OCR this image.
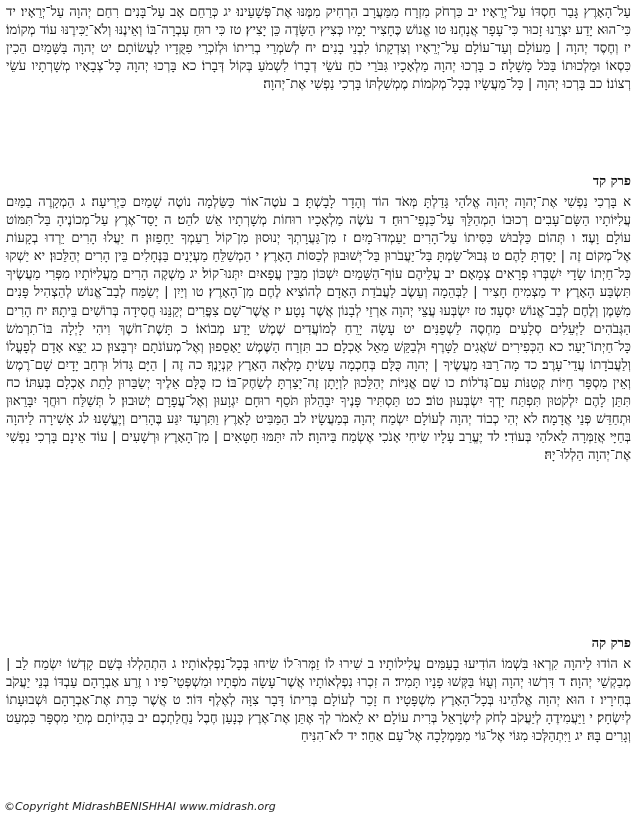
עַל־הָאָרֶץ גָּבַר חַסְדּוֹ עַל־יְרֵאָיו׃ יב כִּרְחֹק מִזְרָח מִמַּעֲרָב הִרְחִיק מִמֶּנּוּ אֶת־פְּשָׁעֵינוּ׃ יג כְּרַחֵם אָב עַל־בָּנִים רִחַם יְהוָה עַל־יְרֵאָיו׃ יד כִּי־הוּא יָדַע יִצְרֵנוּ זָכוּר כִּי־עָפָר אֲנָחְנוּ׃ טו אֱנוֹשׁ כֶּחָצִיר יָמָיו כְּצִיץ הַשָּׂדֶה כֵּן יָצִיץ׃ טז כִּי רוּחַ עָבְרָה־בּוֹ וְאֵינֶנּוּ וְלֹא־יַכִּירֶנּוּ עוֹד מְקוֹמוֹ׃ יז וְחֶסֶד יְהוָה | מֵעוֹלָם וְעַד־עוֹלָם עַל־יְרֵאָיו וְצִדְקָתוֹ לִבְנֵי בָנִים׃ יח לְשֹׁמְרֵי בְרִיתוֹ וּלְזֹכְרֵי פִקֻּדָיו לַעֲשׂוֹתָם׃ יט יְהוָה בַּשָּׁמַיִם הֵכִין כִּסְאוֹ וּמַלְכוּתוֹ בַּכֹּל מָשָׁלָה׃ כ בָּרְכוּ יְהוָה מַלְאָכָיו גִּבֹּרֵי כֹחַ עֹשֵׂי דְבָרוֹ לִשְׁמֹעַ בְּקוֹל דְּבָרוֹ׃ כא בָּרְכוּ יְהוָה כָּל־צְבָאָיו מְשָׁרְתָיו עֹשֵׂי רְצוֹנוֹ׃ כב בָּרְכוּ יְהוָה | כָּל־מַעֲשָׂיו בְּכָל־מְקֹמוֹת מֶמְשַׁלְתּוֹ בָּרְכִי נַפְשִׁי אֶת־יְהוָה׃

פרק קד

א בָּרְכִי נַפְשִׁי אֶת־יְהוָה יְהוָה אֱלֹהַי גָּדַלְתָּ מְּאֹד הוֹד וְהָדָר לָבָשְׁתָּ׃ ב עֹטֶה־אוֹר כַּשַּׂלְמָה נוֹטֶה שָׁמַיִם כַּיְרִיעָה׃ ג הַמְקָרֶה בַמַּיִם עֲלִיּוֹתָיו הַשָּׂם־עָבִים רְכוּבוֹ הַמְהַלֵּךְ עַל־כַּנְפֵי־רוּחַ׃ ד עֹשֶׂה מַלְאָכָיו רוּחוֹת מְשָׁרְתָיו אֵשׁ לֹהֵט׃ ה יָסַד־אֶרֶץ עַל־מְכוֹנֶיהָ בַּל־תִּמּוֹט עוֹלָם וָעֶד׃ ו תְּהוֹם כַּלְּבוּשׁ כִּסִּיתוֹ עַל־הָרִים יַעַמְדוּ־מָיִם׃ ז מִן־גַּעֲרָתְךָ יְנוּסוּן מִן־קוֹל רַעַמְךָ יֵחָפֵזוּן׃ ח יַעֲלוּ הָרִים יֵרְדוּ בְקָעוֹת אֶל־מְקוֹם זֶה | יָסַדְתָּ לָהֶם׃ ט גְּבוּל־שַׂמְתָּ בַּל־יַעֲבֹרוּן בַּל־יְשׁוּבוּן לְכַסּוֹת הָאָרֶץ׃ י הַמְשַׁלֵּחַ מַעְיָנִים בַּנְּחָלִים בֵּין הָרִים יְהַלֵּכוּן׃ יא יַשְׁקוּ כָּל־חַיְתוֹ שָׂדָי יִשְׁבְּרוּ פְרָאִים צְמָאָם׃ יב עֲלֵיהֶם עוֹף־הַשָּׁמַיִם יִשְׁכּוֹן מִבֵּין עֳפָאיִם יִתְּנוּ־קוֹל׃ יג מַשְׁקֶה הָרִים מֵעֲלִיּוֹתָיו מִפְּרִי מַעֲשֶׂיךָ תִּשְׂבַּע הָאָרֶץ׃ יד מַצְמִיחַ חָצִיר | לַבְּהֵמָה וְעֵשֶׂב לַעֲבֹדַת הָאָדָם לְהוֹצִיא לֶחֶם מִן־הָאָרֶץ׃ טו וְיַיִן | יְשַׂמַּח לְבַב־אֱנוֹשׁ לְהַצְהִיל פָּנִים מִשָּׁמֶן וְלֶחֶם לְבַב־אֱנוֹשׁ יִסְעָד׃ טז יִשְׂבְּעוּ עֲצֵי יְהוָה אַרְזֵי לְבָנוֹן אֲשֶׁר נָטָע׃ יז אֲשֶׁר־שָׁם צִפֳּרִים יְקַנֵּנוּ חֲסִידָה בְּרוֹשִׁים בֵּיתָהּ׃ יח הָרִים הַגְּבֹהִים לַיְּעֵלִים סְלָעִים מַחְסֶה לַשְׁפַנִּים׃ יט עָשָׂה יָרֵחַ לְמוֹעֲדִים שֶׁמֶשׁ יָדַע מְבוֹאוֹ׃ כ תָּשֶׁת־חֹשֶׁךְ וִיהִי לָיְלָה בּוֹ־תִרְמֹשׂ כָּל־חַיְתוֹ־יָעַר׃ כא הַכְּפִירִים שֹׁאֲגִים לַטָּרֶף וּלְבַקֵּשׁ מֵאֵל אָכְלָם׃ כב תִּזְרַח הַשֶּׁמֶשׁ יֵאָסֵפוּן וְאֶל־מְעוֹנֹתָם יִרְבָּצוּן׃ כג יֵצֵא אָדָם לְפָעֳלוֹ וְלַעֲבֹדָתוֹ עֲדֵי־עָרֶב׃ כד מָה־רַבּוּ מַעֲשֶׂיךָ | יְהוָה כֻּלָּם בְּחָכְמָה עָשִׂיתָ מָלְאָה הָאָרֶץ קִנְיָנֶךָ׃ כה זֶה | הַיָּם גָּדוֹל וּרְחַב יָדָיִם שָׁם־רֶמֶשׂ וְאֵין מִסְפָּר חַיּוֹת קְטַנּוֹת עִם־גְּדֹלוֹת׃ כו שָׁם אֳנִיּוֹת יְהַלֵּכוּן לִוְיָתָן זֶה־יָצַרְתָּ לְשַׂחֶק־בּוֹ׃ כז כֻּלָּם אֵלֶיךָ יְשַׂבֵּרוּן לָתֵת אָכְלָם בְּעִתּוֹ׃ כח תִּתֵּן לָהֶם יִלְקֹטוּן תִּפְתַּח יָדְךָ יִשְׂבְּעוּן טוֹב׃ כט תַּסְתִּיר פָּנֶיךָ יִבָּהֵלוּן תֹּסֵף רוּחָם יִגְוָעוּן וְאֶל־עֲפָרָם יְשׁוּבוּן׃ ל תְּשַׁלַּח רוּחֲךָ יִבָּרֵאוּן וּתְחַדֵּשׁ פְּנֵי אֲדָמָה׃ לא יְהִי כְבוֹד יְהוָה לְעוֹלָם יִשְׂמַח יְהוָה בְּמַעֲשָׂיו׃ לב הַמַּבִּיט לָאָרֶץ וַתִּרְעָד יִגַּע בֶּהָרִים וְיֶעֱשָׁנוּ׃ לג אָשִׁירָה לַיהוָה בְּחַיָּי אֲזַמְּרָה לֵאלֹהַי בְּעוֹדִי׃ לד יֶעֱרַב עָלָיו שִׂיחִי אָנֹכִי אֶשְׂמַח בַּיהוָה׃ לה יִתַּמּוּ חַטָּאִים | מִן־הָאָרֶץ וּרְשָׁעִים | עוֹד אֵינָם בָּרְכִי נַפְשִׁי אֶת־יְהוָה הַלְלוּ־יָהּ׃

פרק קה

א הוֹדוּ לַיהוָה קִרְאוּ בִּשְׁמוֹ הוֹדִיעוּ בָעַמִּים עֲלִילוֹתָיו׃ ב שִׁירוּ לוֹ זַמְּרוּ־לוֹ שִׂיחוּ בְּכָל־נִפְלְאוֹתָיו׃ ג הִתְהַלְלוּ בְּשֵׁם קָדְשׁוֹ יִשְׂמַח לֵב | מְבַקְשֵׁי יְהוָה׃ ד דִּרְשׁוּ יְהוָה וְעֻזּוֹ בַּקְּשׁוּ פָנָיו תָּמִיד׃ ה זִכְרוּ נִפְלְאוֹתָיו אֲשֶׁר־עָשָׂה מֹפְתָיו וּמִשְׁפְּטֵי־פִיו׃ ו זֶרַע אַבְרָהָם עַבְדּוֹ בְּנֵי יַעֲקֹב בְּחִירָיו׃ ז הוּא יְהוָה אֱלֹהֵינוּ בְּכָל־הָאָרֶץ מִשְׁפָּטָיו׃ ח זָכַר לְעוֹלָם בְּרִיתוֹ דָּבָר צִוָּה לְאֶלֶף דּוֹר׃ ט אֲשֶׁר כָּרַת אֶת־אַבְרָהָם וּשְׁבוּעָתוֹ לְיִשְׂחָק׃ י וַיַּעֲמִידֶהָ לְיַעֲקֹב לְחֹק לְיִשְׂרָאֵל בְּרִית עוֹלָם׃ יא לֵאמֹר לְךָ אֶתֵּן אֶת־אֶרֶץ כְּנָעַן חֶבֶל נַחֲלַתְכֶם׃ יב בִּהְיוֹתָם מְתֵי מִסְפָּר כִּמְעַט וְגָרִים בָּהּ׃ יג וַיִּתְהַלְּכוּ מִגּוֹי אֶל־גּוֹי מִמַּמְלָכָה אֶל־עַם אַחֵר׃ יד לֹא־הִנִּיחַ

©Copyright MidrashBENISHHAI www.midrash.org
